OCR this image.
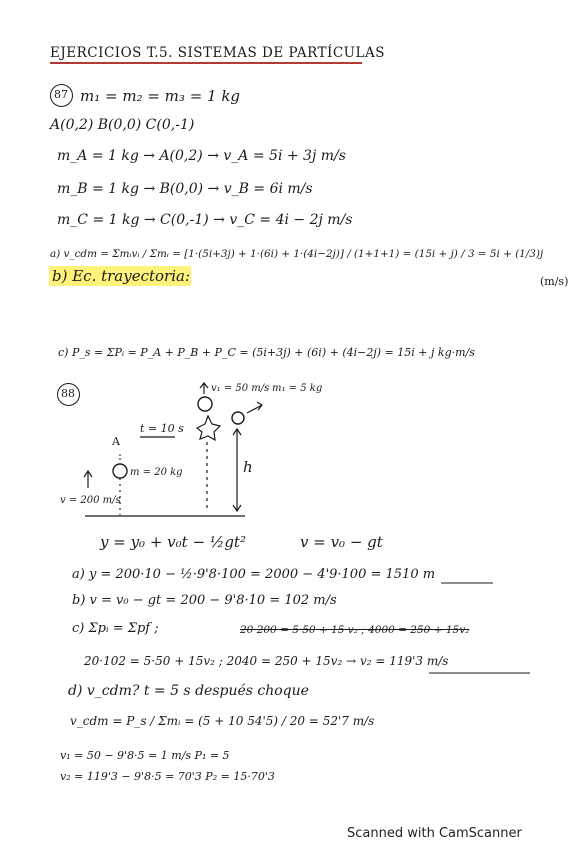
EJERCICIOS T.5. SISTEMAS DE PARTÍCULAS
87 m₁ = m₂ = m₃ = 1 kg
A(0,2) B(0,0) C(0,-1)
m_A = 1 kg → A(0,2) → v_A = 5i + 3j m/s
m_B = 1 kg → B(0,0) → v_B = 6i m/s
m_C = 1 kg → C(0,-1) → v_C = 4i − 2j m/s
a) v_cdm = Σmᵢvᵢ / Σmᵢ = [1·(5i+3j) + 1·(6i) + 1·(4i−2j)] / (1+1+1) = (15i + j) / 3 = 5i + (1/3)j
(m/s)
b) Ec. trayectoria:
c) P_s = ΣPᵢ = P_A + P_B + P_C = (5i+3j) + (6i) + (4i−2j) = 15i + j kg·m/s
88	v₁ = 50 m/s m₁ = 5 kg
t = 10 s
A
m = 20 kg
v = 200 m/s
h
y = y₀ + v₀t − ½gt²	v = v₀ − gt
a) y = 200·10 − ½·9'8·100 = 2000 − 4'9·100 = 1510 m
b) v = v₀ − gt = 200 − 9'8·10 = 102 m/s
c) Σpᵢ = Σpf ;	20·200 = 5·50 + 15·v₂ ; 4000 = 250 + 15v₂
20·102 = 5·50 + 15v₂ ; 2040 = 250 + 15v₂ → v₂ = 119'3 m/s
d) v_cdm? t = 5 s después choque
v_cdm = P_s / Σmᵢ = (5 + 10 54'5) / 20 = 52'7 m/s
v₁ = 50 − 9'8·5 = 1 m/s P₁ = 5
v₂ = 119'3 − 9'8·5 = 70'3 P₂ = 15·70'3
Scanned with CamScanner
